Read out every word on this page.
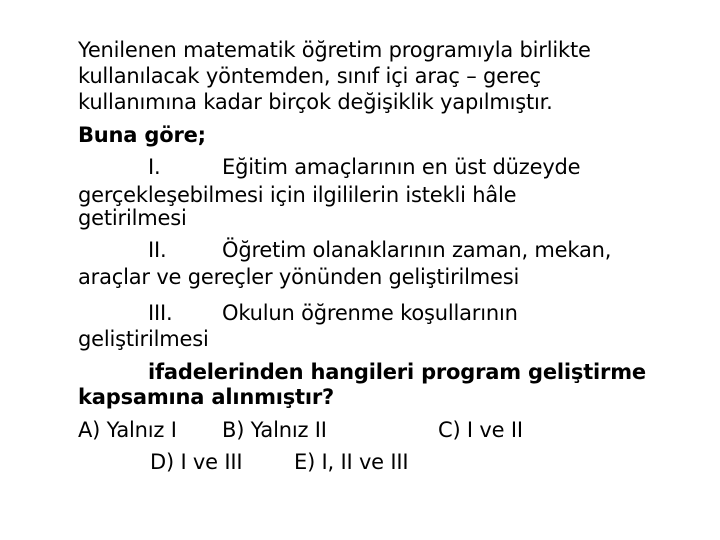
Yenilenen matematik öğretim programıyla birlikte
kullanılacak yöntemden, sınıf içi araç – gereç
kullanımına kadar birçok değişiklik yapılmıştır.
Buna göre;
I.	Eğitim amaçlarının en üst düzeyde
gerçekleşebilmesi için ilgililerin istekli hâle
getirilmesi
II.	Öğretim olanaklarının zaman, mekan,
araçlar ve gereçler yönünden geliştirilmesi
III. Okulun öğrenme koşullarının
geliştirilmesi
ifadelerinden hangileri program geliştirme
kapsamına alınmıştır?
A) Yalnız I B) Yalnız II	C) I ve II
D) I ve III E) I, II ve III
